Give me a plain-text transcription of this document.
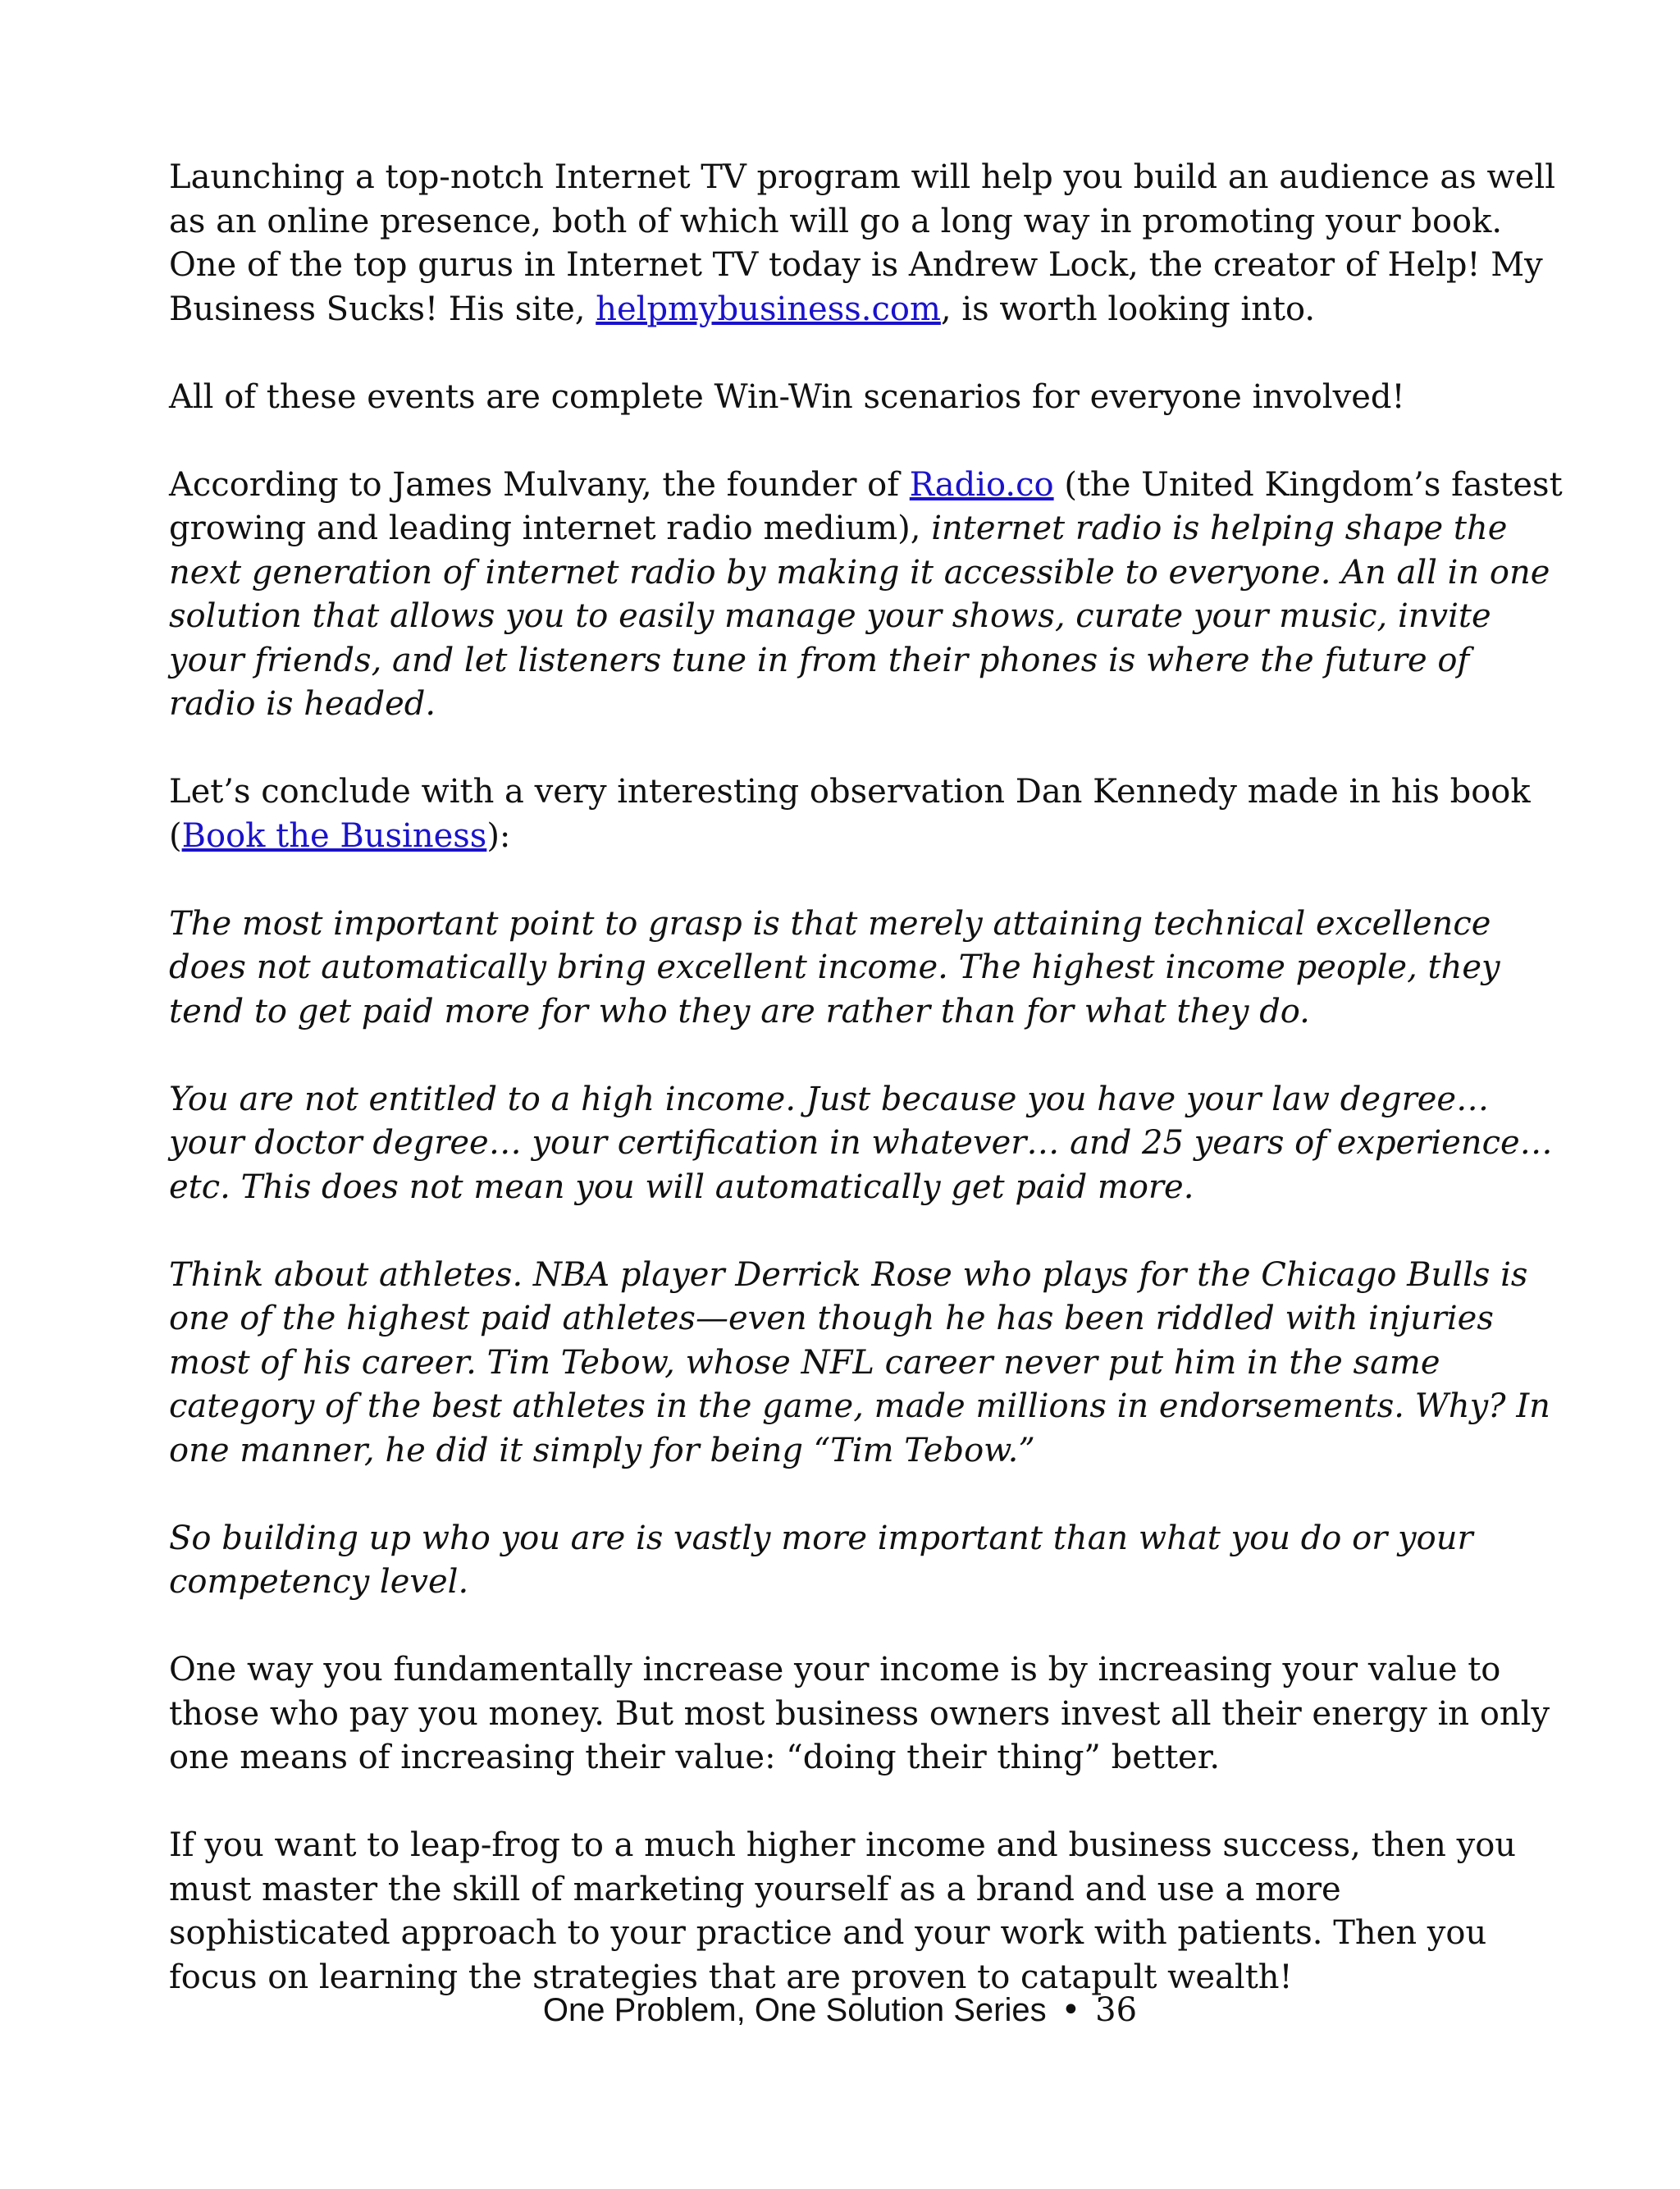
Launching a top-notch Internet TV program will help you build an audience as well as an online presence, both of which will go a long way in promoting your book. One of the top gurus in Internet TV today is Andrew Lock, the creator of Help! My Business Sucks! His site, helpmybusiness.com, is worth looking into.

All of these events are complete Win-Win scenarios for everyone involved!

According to James Mulvany, the founder of Radio.co (the United Kingdom’s fastest growing and leading internet radio medium), internet radio is helping shape the next generation of internet radio by making it accessible to everyone. An all in one solution that allows you to easily manage your shows, curate your music, invite your friends, and let listeners tune in from their phones is where the future of radio is headed.

Let’s conclude with a very interesting observation Dan Kennedy made in his book (Book the Business):

The most important point to grasp is that merely attaining technical excellence does not automatically bring excellent income. The highest income people, they tend to get paid more for who they are rather than for what they do.

You are not entitled to a high income. Just because you have your law degree… your doctor degree… your certification in whatever… and 25 years of experience… etc. This does not mean you will automatically get paid more.

Think about athletes. NBA player Derrick Rose who plays for the Chicago Bulls is one of the highest paid athletes—even though he has been riddled with injuries most of his career. Tim Tebow, whose NFL career never put him in the same category of the best athletes in the game, made millions in endorsements. Why? In one manner, he did it simply for being “Tim Tebow.”

So building up who you are is vastly more important than what you do or your competency level.

One way you fundamentally increase your income is by increasing your value to those who pay you money. But most business owners invest all their energy in only one means of increasing their value: “doing their thing” better.

If you want to leap-frog to a much higher income and business success, then you must master the skill of marketing yourself as a brand and use a more sophisticated approach to your practice and your work with patients. Then you focus on learning the strategies that are proven to catapult wealth!

One Problem, One Solution Series • 36
